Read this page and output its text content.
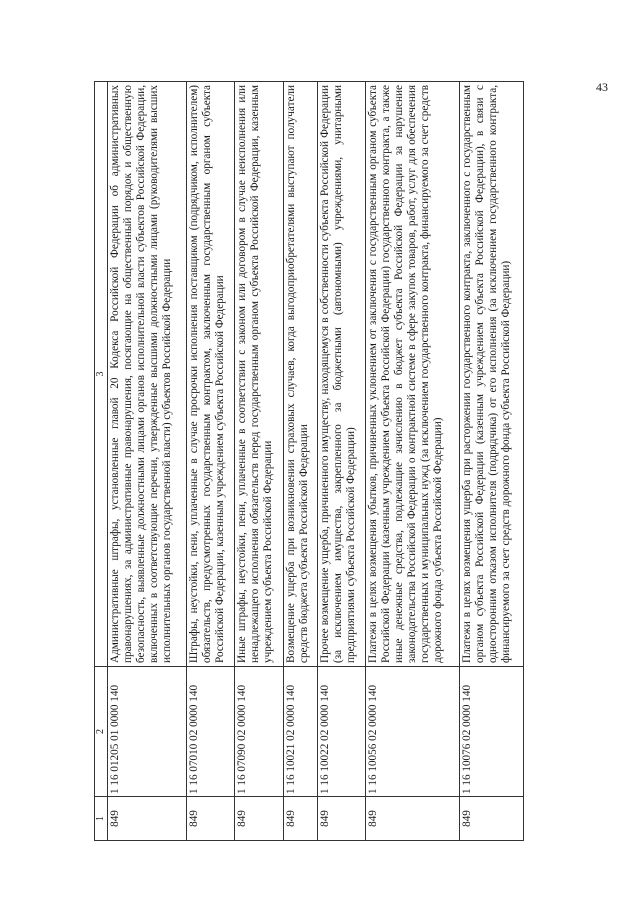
43
1	2	3
849	1 16 01205 01 0000 140	Административные штрафы, установленные главой 20 Кодекса Российской Федерации об административных правонарушениях, за административные правонарушения, посягающие на общественный порядок и общественную безопасность, выявленные должностными лицами органов исполнительной власти субъектов Российской Федерации, включенных в соответствующие перечни, утвержденные высшими должностными лицами (руководителями высших исполнительных органов государственной власти) субъектов Российской Федерации
849	1 16 07010 02 0000 140	Штрафы, неустойки, пени, уплаченные в случае просрочки исполнения поставщиком (подрядчиком, исполнителем) обязательств, предусмотренных государственным контрактом, заключенным государственным органом субъекта Российской Федерации, казенным учреждением субъекта Российской Федерации
849	1 16 07090 02 0000 140	Иные штрафы, неустойки, пени, уплаченные в соответствии с законом или договором в случае неисполнения или ненадлежащего исполнения обязательств перед государственным органом субъекта Российской Федерации, казенным учреждением субъекта Российской Федерации
849	1 16 10021 02 0000 140	Возмещение ущерба при возникновении страховых случаев, когда выгодоприобретателями выступают получатели средств бюджета субъекта Российской Федерации
849	1 16 10022 02 0000 140	Прочее возмещение ущерба, причиненного имуществу, находящемуся в собственности субъекта Российской Федерации (за исключением имущества, закрепленного за бюджетными (автономными) учреждениями, унитарными предприятиями субъекта Российской Федерации)
849	1 16 10056 02 0000 140	Платежи в целях возмещения убытков, причиненных уклонением от заключения с государственным органом субъекта Российской Федерации (казенным учреждением субъекта Российской Федерации) государственного контракта, а также иные денежные средства, подлежащие зачислению в бюджет субъекта Российской Федерации за нарушение законодательства Российской Федерации о контрактной системе в сфере закупок товаров, работ, услуг для обеспечения государственных и муниципальных нужд (за исключением государственного контракта, финансируемого за счет средств дорожного фонда субъекта Российской Федерации)
849	1 16 10076 02 0000 140	Платежи в целях возмещения ущерба при расторжении государственного контракта, заключенного с государственным органом субъекта Российской Федерации (казенным учреждением субъекта Российской Федерации), в связи с односторонним отказом исполнителя (подрядчика) от его исполнения (за исключением государственного контракта, финансируемого за счет средств дорожного фонда субъекта Российской Федерации)
